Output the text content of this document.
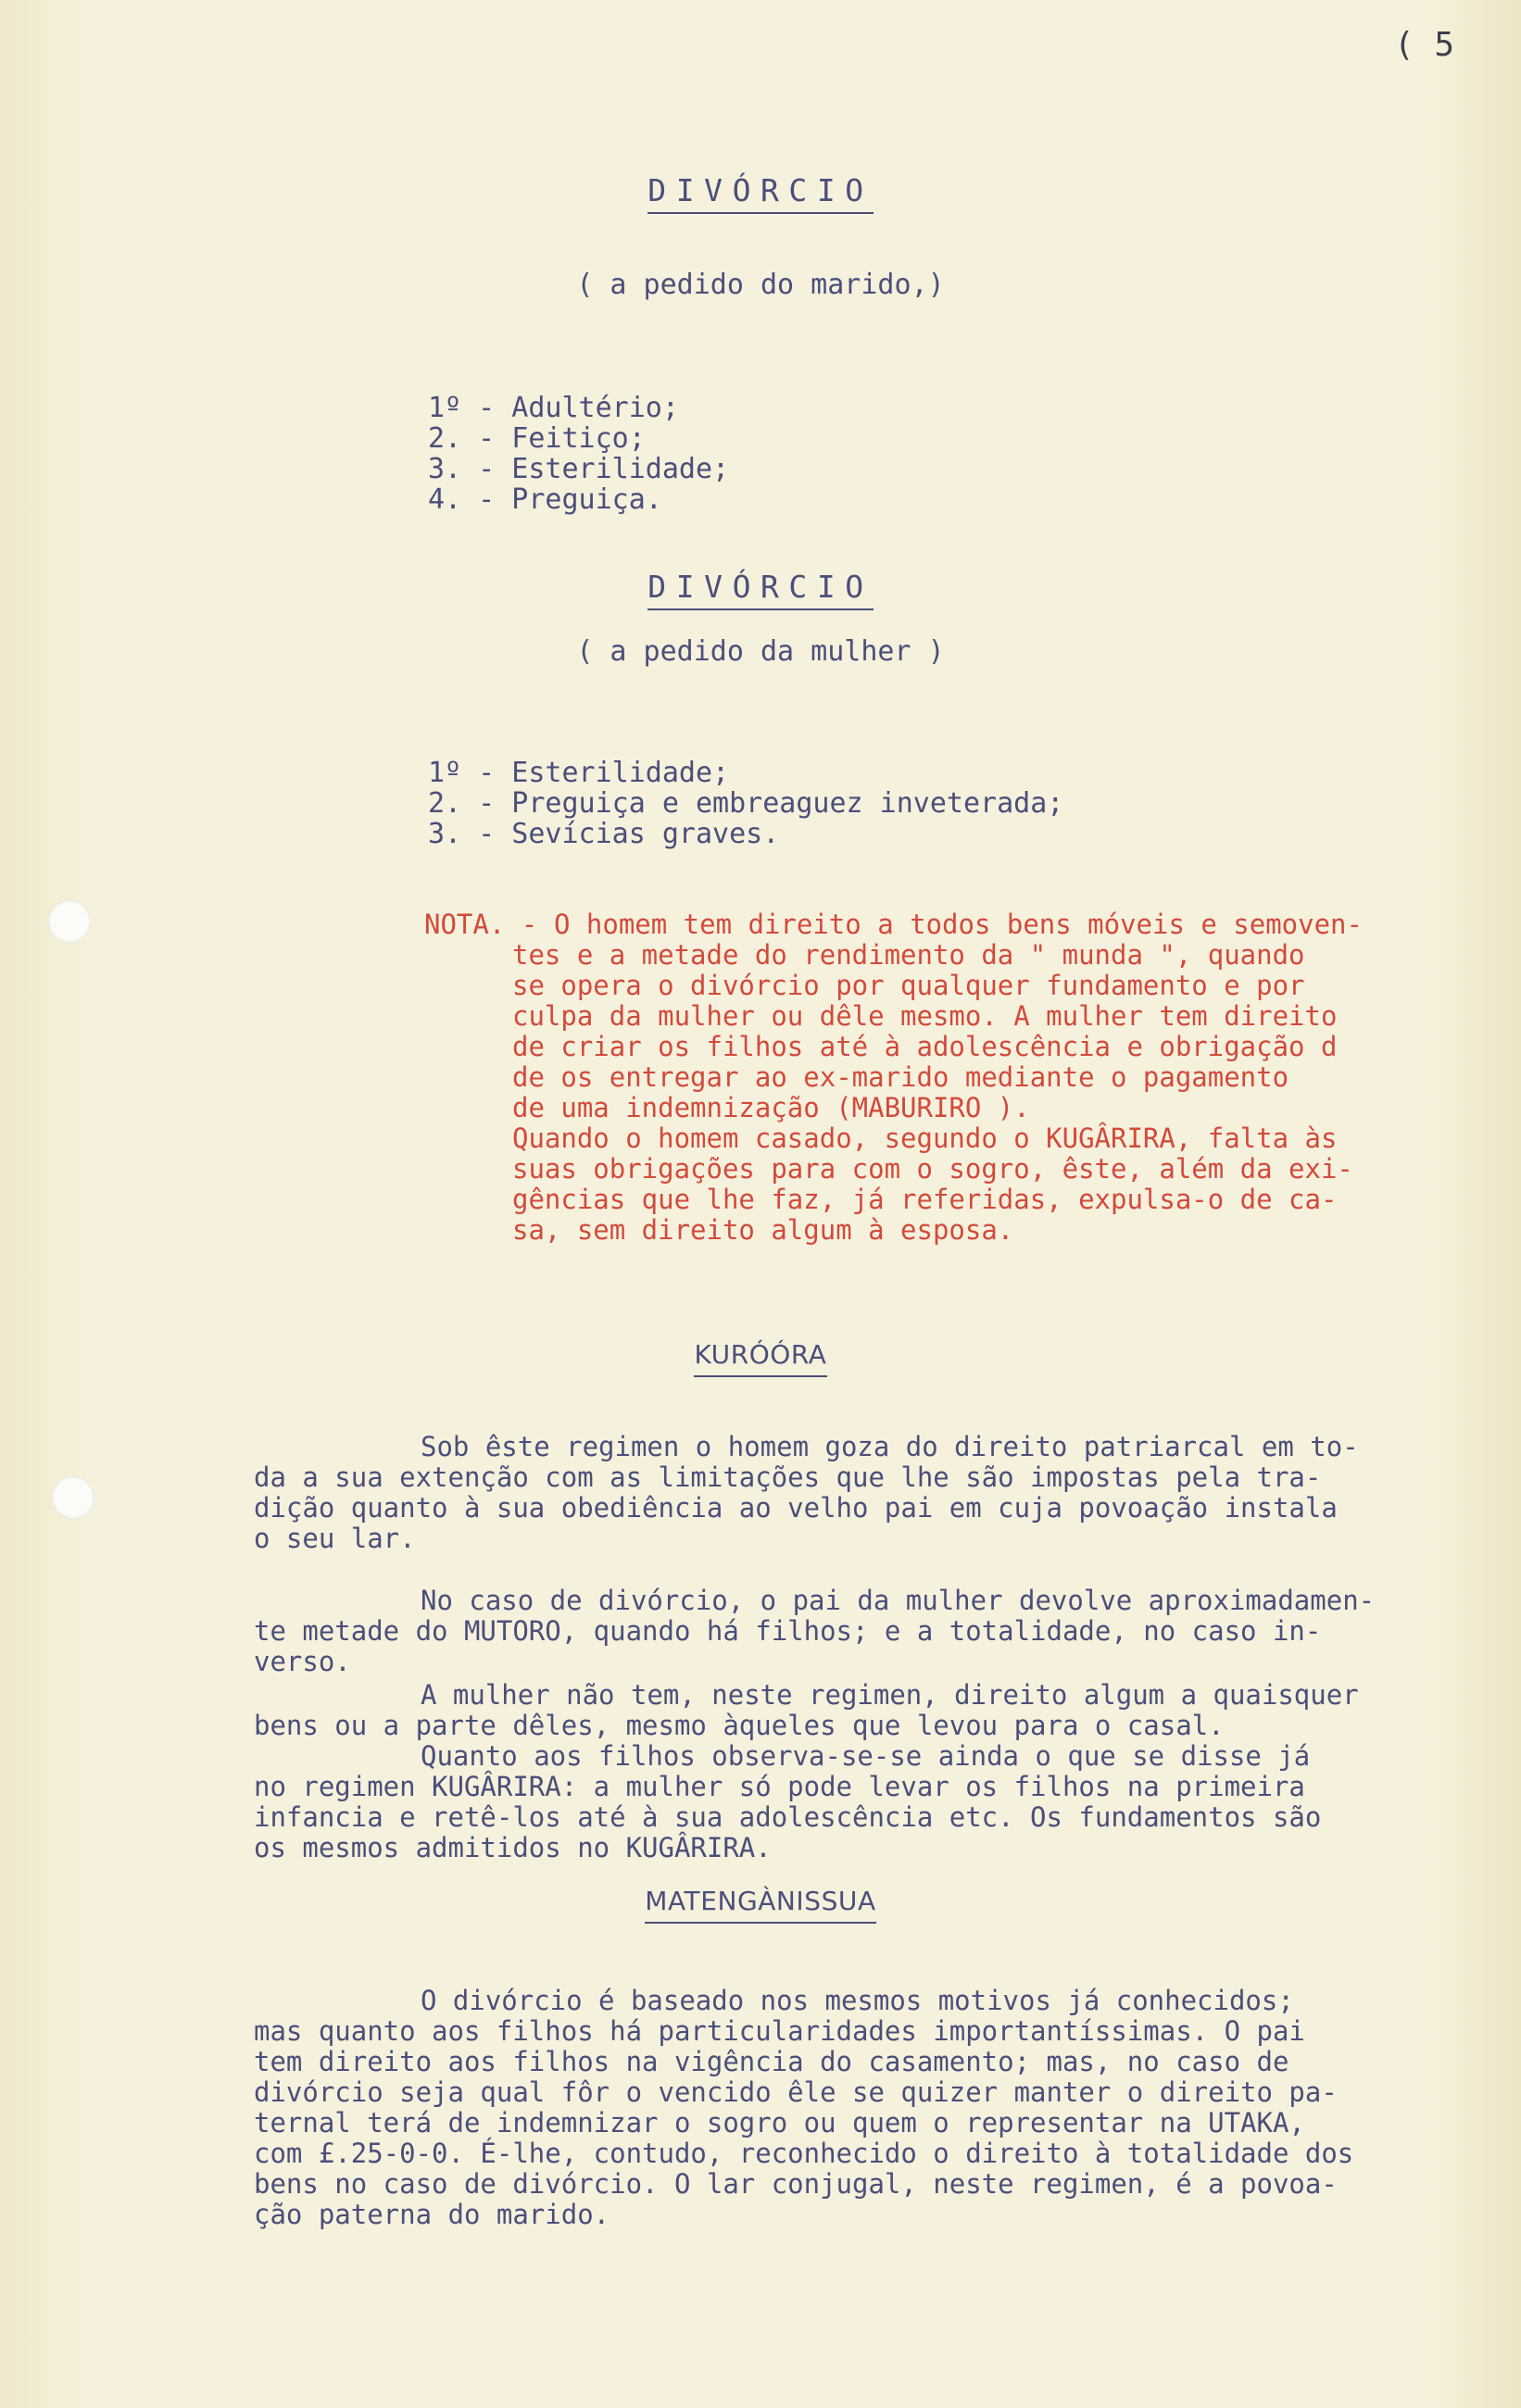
( 5
DIVÓRCIO
( a pedido do marido,)
1º - Adultério;
2. - Feitiço;
3. - Esterilidade;
4. - Preguiça.
DIVÓRCIO
( a pedido da mulher )
1º - Esterilidade;
2. - Preguiça e embreaguez inveterada;
3. - Sevícias graves.
NOTA. - O homem tem direito a todos bens móveis e semoven-

tes e a metade do rendimento da " munda ", quando

se opera o divórcio por qualquer fundamento e por

culpa da mulher ou dêle mesmo. A mulher tem direito

de criar os filhos até à adolescência e obrigação d

de os entregar ao ex-marido mediante o pagamento

de uma indemnização (MABURIRO ).

Quando o homem casado, segundo o KUGÂRIRA, falta às

suas obrigações para com o sogro, êste, além da exi-

gências que lhe faz, já referidas, expulsa-o de ca-

sa, sem direito algum à esposa.

KURÓÓRA

Sob êste regimen o homem goza do direito patriarcal em to-

da a sua extenção com as limitações que lhe são impostas pela tra-

dição quanto à sua obediência ao velho pai em cuja povoação instala

o seu lar.

No caso de divórcio, o pai da mulher devolve aproximadamen-

te metade do MUTORO, quando há filhos; e a totalidade, no caso in-

verso.

A mulher não tem, neste regimen, direito algum a quaisquer

bens ou a parte dêles, mesmo àqueles que levou para o casal.

Quanto aos filhos observa-se-se ainda o que se disse já

no regimen KUGÂRIRA: a mulher só pode levar os filhos na primeira

infancia e retê-los até à sua adolescência etc. Os fundamentos são

os mesmos admitidos no KUGÂRIRA.

MATENGÀNISSUA

O divórcio é baseado nos mesmos motivos já conhecidos;

mas quanto aos filhos há particularidades importantíssimas. O pai

tem direito aos filhos na vigência do casamento; mas, no caso de

divórcio seja qual fôr o vencido êle se quizer manter o direito pa-

ternal terá de indemnizar o sogro ou quem o representar na UTAKA,

com £.25-0-0. É-lhe, contudo, reconhecido o direito à totalidade dos

bens no caso de divórcio. O lar conjugal, neste regimen, é a povoa-

ção paterna do marido.
